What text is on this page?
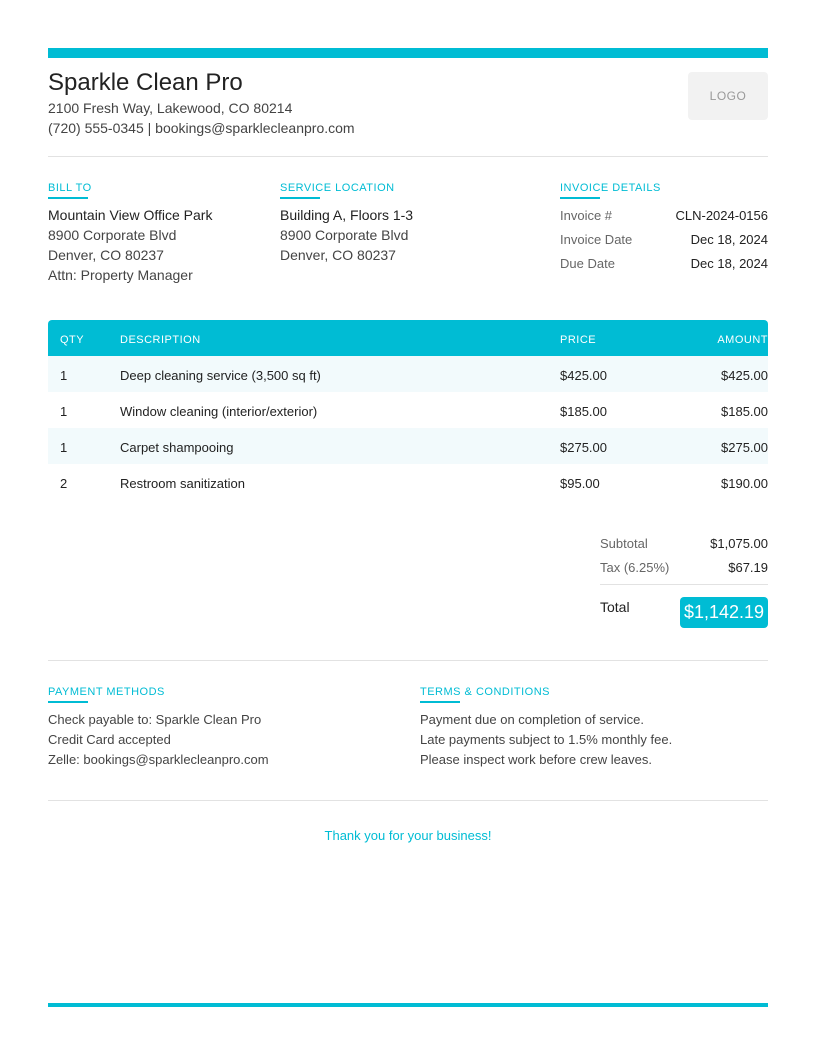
Sparkle Clean Pro
2100 Fresh Way, Lakewood, CO 80214
(720) 555-0345 | bookings@sparklecleanpro.com
LOGO
BILL TO
Mountain View Office Park
8900 Corporate Blvd
Denver, CO 80237
Attn: Property Manager
SERVICE LOCATION
Building A, Floors 1-3
8900 Corporate Blvd
Denver, CO 80237
INVOICE DETAILS
Invoice #	CLN-2024-0156
Invoice Date	Dec 18, 2024
Due Date	Dec 18, 2024
QTY	DESCRIPTION	PRICE	AMOUNT
1	Deep cleaning service (3,500 sq ft)	$425.00	$425.00
1	Window cleaning (interior/exterior)	$185.00	$185.00
1	Carpet shampooing	$275.00	$275.00
2	Restroom sanitization	$95.00	$190.00
Subtotal	$1,075.00
Tax (6.25%)	$67.19
Total	$1,142.19
PAYMENT METHODS
Check payable to: Sparkle Clean Pro
Credit Card accepted
Zelle: bookings@sparklecleanpro.com
TERMS & CONDITIONS
Payment due on completion of service.
Late payments subject to 1.5% monthly fee.
Please inspect work before crew leaves.
Thank you for your business!
